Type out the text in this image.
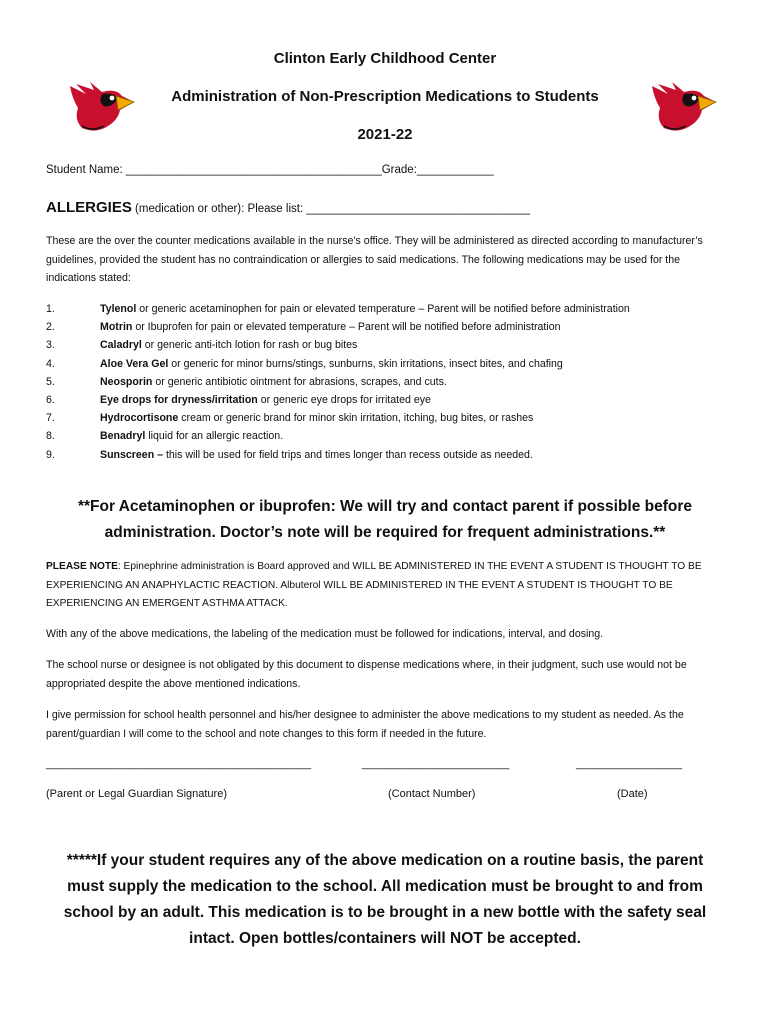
Clinton Early Childhood Center
Administration of Non-Prescription Medications to Students
2021-22
Student Name: ________________________________________Grade:____________
ALLERGIES (medication or other): Please list: ___________________________________
These are the over the counter medications available in the nurse’s office. They will be administered as directed according to manufacturer’s guidelines, provided the student has no contraindication or allergies to said medications. The following medications may be used for the indications stated:
1.	Tylenol or generic acetaminophen for pain or elevated temperature – Parent will be notified before administration
2.	Motrin or Ibuprofen for pain or elevated temperature – Parent will be notified before administration
3.	Caladryl or generic anti-itch lotion for rash or bug bites
4.	Aloe Vera Gel or generic for minor burns/stings, sunburns, skin irritations, insect bites, and chafing
5.	Neosporin or generic antibiotic ointment for abrasions, scrapes, and cuts.
6.	Eye drops for dryness/irritation or generic eye drops for irritated eye
7.	Hydrocortisone cream or generic brand for minor skin irritation, itching, bug bites, or rashes
8.	Benadryl liquid for an allergic reaction.
9.	Sunscreen – this will be used for field trips and times longer than recess outside as needed.
**For Acetaminophen or ibuprofen: We will try and contact parent if possible before administration. Doctor’s note will be required for frequent administrations.**
PLEASE NOTE: Epinephrine administration is Board approved and WILL BE ADMINISTERED IN THE EVENT A STUDENT IS THOUGHT TO BE EXPERIENCING AN ANAPHYLACTIC REACTION. Albuterol WILL BE ADMINISTERED IN THE EVENT A STUDENT IS THOUGHT TO BE EXPERIENCING AN EMERGENT ASTHMA ATTACK.
With any of the above medications, the labeling of the medication must be followed for indications, interval, and dosing.
The school nurse or designee is not obligated by this document to dispense medications where, in their judgment, such use would not be appropriated despite the above mentioned indications.
I give permission for school health personnel and his/her designee to administer the above medications to my student as needed. As the parent/guardian I will come to the school and note changes to this form if needed in the future.
_____________________________________________	_________________________	__________________
(Parent or Legal Guardian Signature)	(Contact Number)	(Date)
*****If your student requires any of the above medication on a routine basis, the parent must supply the medication to the school. All medication must be brought to and from school by an adult. This medication is to be brought in a new bottle with the safety seal intact. Open bottles/containers will NOT be accepted.
